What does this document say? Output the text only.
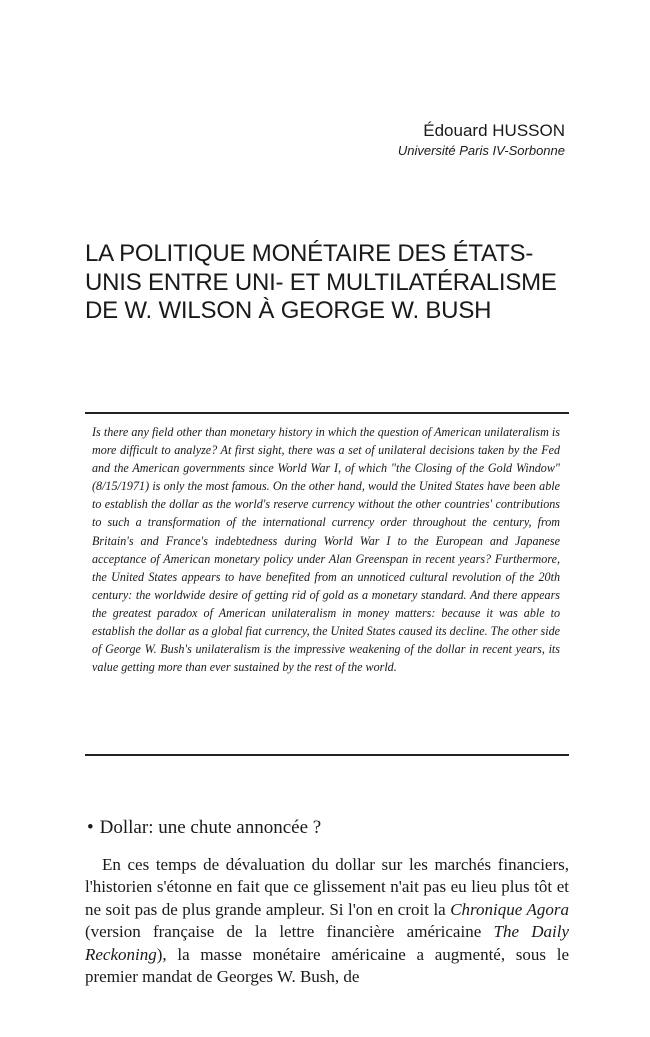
Édouard HUSSON
Université Paris IV-Sorbonne
LA POLITIQUE MONÉTAIRE DES ÉTATS-
UNIS ENTRE UNI- ET MULTILATÉRALISME
DE W. WILSON À GEORGE W. BUSH

Is there any field other than monetary history in which the question of American unilateralism is more difficult to analyze? At first sight, there was a set of unilateral decisions taken by the Fed and the American governments since World War I, of which "the Closing of the Gold Window" (8/15/1971) is only the most famous. On the other hand, would the United States have been able to establish the dollar as the world's reserve currency without the other countries' contributions to such a transformation of the international currency order throughout the century, from Britain's and France's indebtedness during World War I to the European and Japanese acceptance of American monetary policy under Alan Greenspan in recent years? Furthermore, the United States appears to have benefited from an unnoticed cultural revolution of the 20th century: the worldwide desire of getting rid of gold as a monetary standard. And there appears the greatest paradox of American unilateralism in money matters: because it was able to establish the dollar as a global fiat currency, the United States caused its decline. The other side of George W. Bush's unilateralism is the impressive weakening of the dollar in recent years, its value getting more than ever sustained by the rest of the world.

• Dollar: une chute annoncée ?

En ces temps de dévaluation du dollar sur les marchés financiers, l'historien s'étonne en fait que ce glissement n'ait pas eu lieu plus tôt et ne soit pas de plus grande ampleur. Si l'on en croit la Chronique Agora (version française de la lettre financière américaine The Daily Reckoning), la masse monétaire américaine a augmenté, sous le premier mandat de Georges W. Bush, de
